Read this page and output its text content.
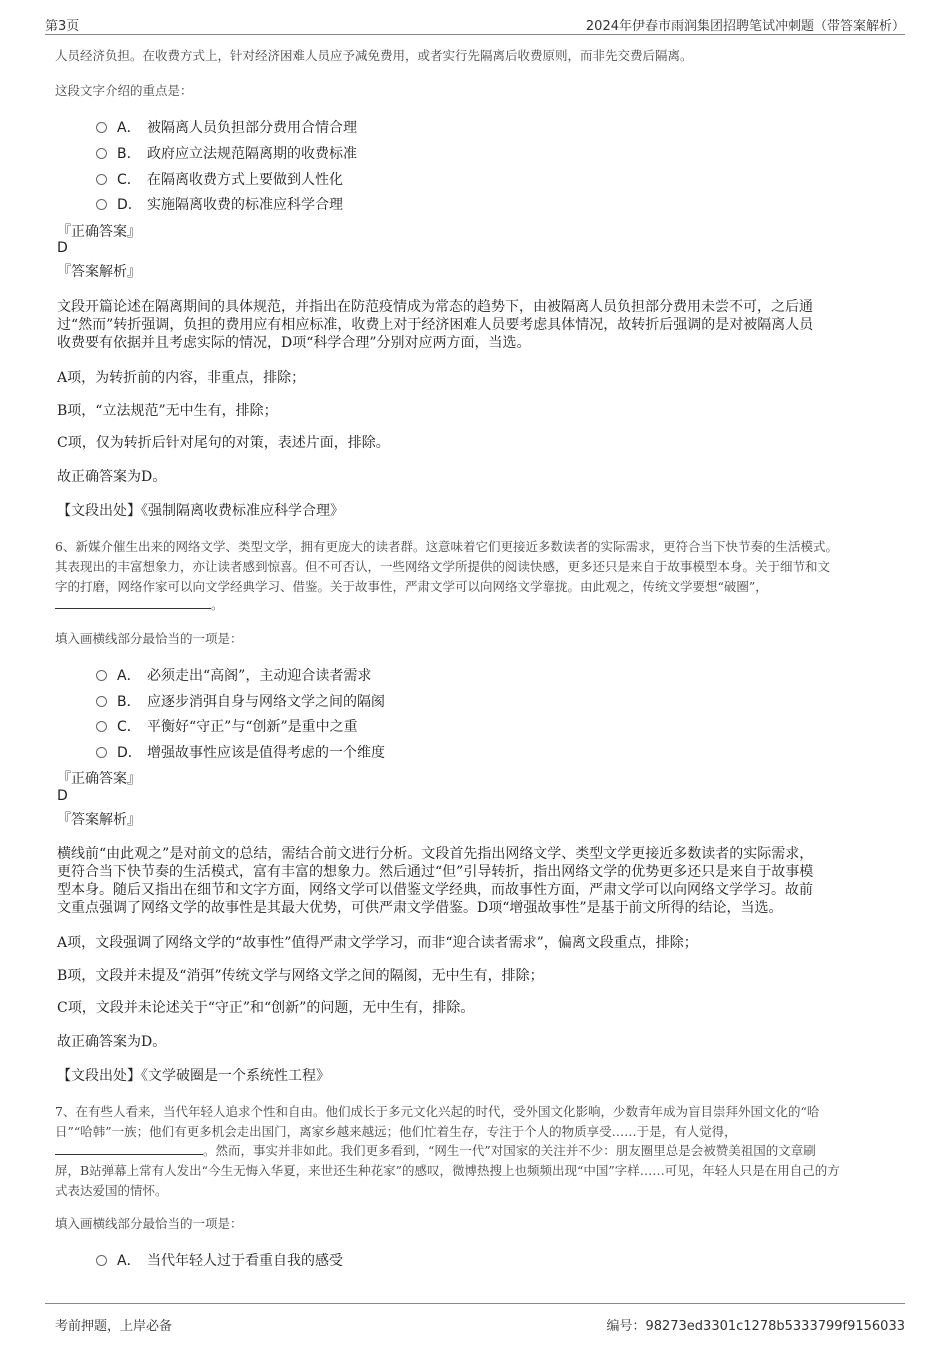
第3页	2024年伊春市雨润集团招聘笔试冲刺题（带答案解析）
人员经济负担。在收费方式上，针对经济困难人员应予减免费用，或者实行先隔离后收费原则，而非先交费后隔离。
这段文字介绍的重点是：
A． 被隔离人员负担部分费用合情合理
B． 政府应立法规范隔离期的收费标准
C． 在隔离收费方式上要做到人性化
D． 实施隔离收费的标准应科学合理
『正确答案』
D
『答案解析』
文段开篇论述在隔离期间的具体规范，并指出在防范疫情成为常态的趋势下，由被隔离人员负担部分费用未尝不可，之后通
过“然而”转折强调，负担的费用应有相应标准，收费上对于经济困难人员要考虑具体情况，故转折后强调的是对被隔离人员
收费要有依据并且考虑实际的情况，D项“科学合理”分别对应两方面，当选。
A项，为转折前的内容，非重点，排除；
B项，“立法规范”无中生有，排除；
C项，仅为转折后针对尾句的对策，表述片面，排除。
故正确答案为D。
【文段出处】《强制隔离收费标准应科学合理》
6、新媒介催生出来的网络文学、类型文学，拥有更庞大的读者群。这意味着它们更接近多数读者的实际需求，更符合当下快节奏的生活模式。
其表现出的丰富想象力，亦让读者感到惊喜。但不可否认，一些网络文学所提供的阅读快感，更多还只是来自于故事模型本身。关于细节和文
字的打磨，网络作家可以向文学经典学习、借鉴。关于故事性，严肃文学可以向网络文学靠拢。由此观之，传统文学要想“破圈”，
。
填入画横线部分最恰当的一项是：
A． 必须走出“高阁”，主动迎合读者需求
B． 应逐步消弭自身与网络文学之间的隔阂
C． 平衡好“守正”与“创新”是重中之重
D． 增强故事性应该是值得考虑的一个维度
『正确答案』
D
『答案解析』
横线前“由此观之”是对前文的总结，需结合前文进行分析。文段首先指出网络文学、类型文学更接近多数读者的实际需求，
更符合当下快节奏的生活模式，富有丰富的想象力。然后通过“但”引导转折，指出网络文学的优势更多还只是来自于故事模
型本身。随后又指出在细节和文字方面，网络文学可以借鉴文学经典，而故事性方面，严肃文学可以向网络文学学习。故前
文重点强调了网络文学的故事性是其最大优势，可供严肃文学借鉴。D项“增强故事性”是基于前文所得的结论，当选。
A项，文段强调了网络文学的“故事性”值得严肃文学学习，而非“迎合读者需求”，偏离文段重点，排除；
B项，文段并未提及“消弭”传统文学与网络文学之间的隔阂，无中生有，排除；
C项，文段并未论述关于“守正”和“创新”的问题，无中生有，排除。
故正确答案为D。
【文段出处】《文学破圈是一个系统性工程》
7、在有些人看来，当代年轻人追求个性和自由。他们成长于多元文化兴起的时代，受外国文化影响，少数青年成为盲目崇拜外国文化的“哈
日”“哈韩”一族；他们有更多机会走出国门，离家乡越来越远；他们忙着生存，专注于个人的物质享受……于是，有人觉得，
。然而，事实并非如此。我们更多看到，“网生一代”对国家的关注并不少：朋友圈里总是会被赞美祖国的文章刷
屏，B站弹幕上常有人发出“今生无悔入华夏，来世还生种花家”的感叹，微博热搜上也频频出现“中国”字样……可见，年轻人只是在用自己的方
式表达爱国的情怀。
填入画横线部分最恰当的一项是：
A． 当代年轻人过于看重自我的感受
考前押题，上岸必备	编号：98273ed3301c1278b5333799f9156033
